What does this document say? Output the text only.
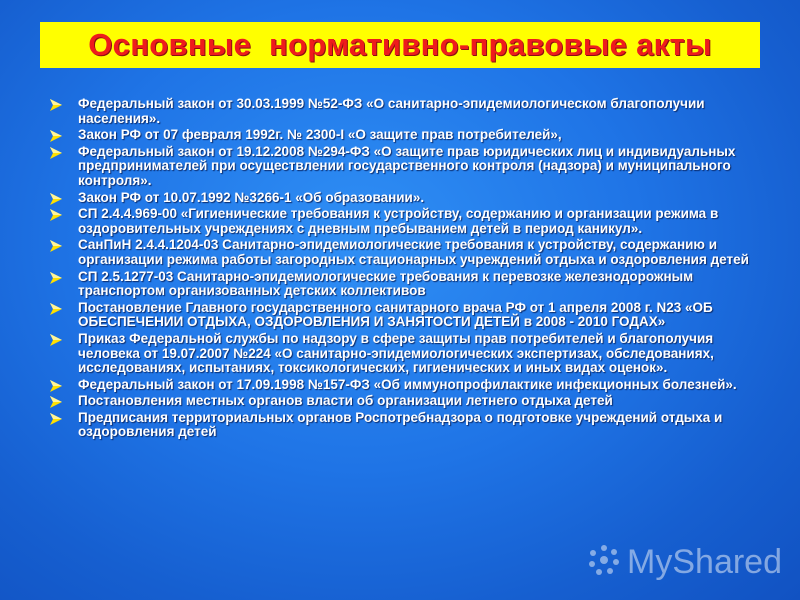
Основные  нормативно-правовые акты
Федеральный закон от 30.03.1999 №52-ФЗ «О санитарно-эпидемиологическом благополучии населения».
Закон РФ от 07 февраля 1992г. № 2300-I «О защите прав потребителей»,
Федеральный закон от 19.12.2008 №294-ФЗ «О защите прав юридических лиц и индивидуальных предпринимателей при осуществлении государственного контроля (надзора) и муниципального контроля».
Закон РФ от 10.07.1992 №3266-1 «Об образовании».
СП 2.4.4.969-00 «Гигиенические требования к устройству, содержанию и организации режима в оздоровительных учреждениях с дневным пребыванием детей в период каникул».
СанПиН 2.4.4.1204-03 Санитарно-эпидемиологические требования к устройству, содержанию и организации режима работы загородных стационарных учреждений отдыха и оздоровления детей
СП 2.5.1277-03 Санитарно-эпидемиологические требования к перевозке железнодорожным транспортом организованных детских коллективов
Постановление Главного государственного санитарного врача РФ от 1 апреля 2008 г. N23 «ОБ ОБЕСПЕЧЕНИИ ОТДЫХА, ОЗДОРОВЛЕНИЯ И ЗАНЯТОСТИ ДЕТЕЙ в 2008 - 2010 ГОДАХ»
Приказ Федеральной службы по надзору в сфере защиты прав потребителей и благополучия человека от 19.07.2007 №224 «О санитарно-эпидемиологических экспертизах, обследованиях, исследованиях, испытаниях, токсикологических, гигиенических и иных видах оценок».
Федеральный закон от 17.09.1998 №157-ФЗ «Об иммунопрофилактике инфекционных болезней».
Постановления местных органов власти об организации летнего отдыха детей
Предписания территориальных органов Роспотребнадзора о подготовке учреждений отдыха и оздоровления детей
MyShared
